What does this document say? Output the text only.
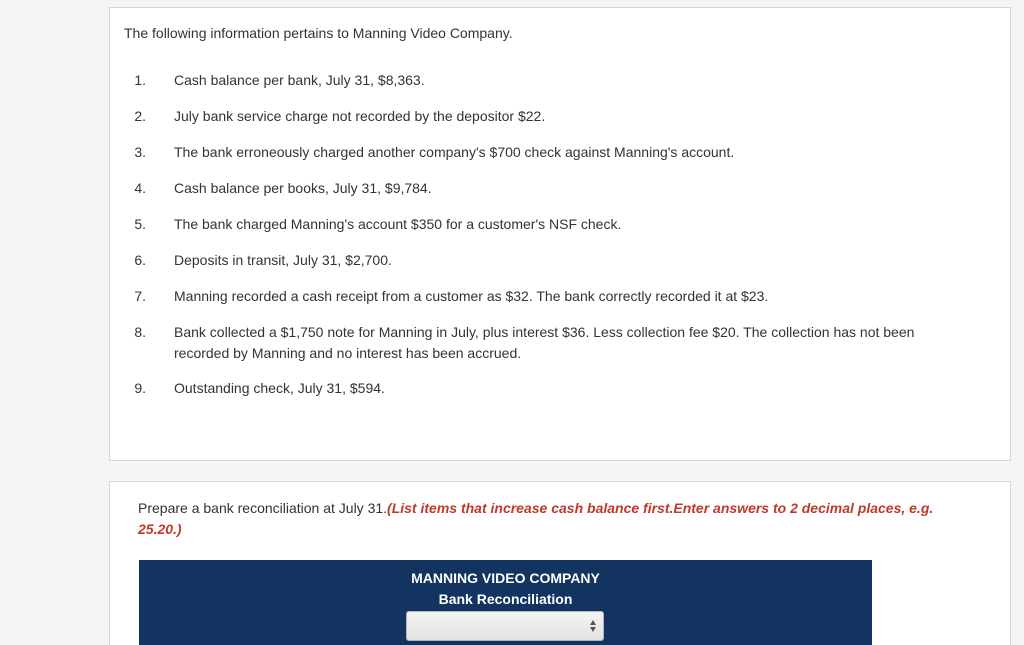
The following information pertains to Manning Video Company.
1. Cash balance per bank, July 31, $8,363.
2. July bank service charge not recorded by the depositor $22.
3. The bank erroneously charged another company's $700 check against Manning's account.
4. Cash balance per books, July 31, $9,784.
5. The bank charged Manning's account $350 for a customer's NSF check.
6. Deposits in transit, July 31, $2,700.
7. Manning recorded a cash receipt from a customer as $32. The bank correctly recorded it at $23.
8. Bank collected a $1,750 note for Manning in July, plus interest $36. Less collection fee $20. The collection has not been recorded by Manning and no interest has been accrued.
9. Outstanding check, July 31, $594.
Prepare a bank reconciliation at July 31.(List items that increase cash balance first.Enter answers to 2 decimal places, e.g. 25.20.)
MANNING VIDEO COMPANY
Bank Reconciliation
